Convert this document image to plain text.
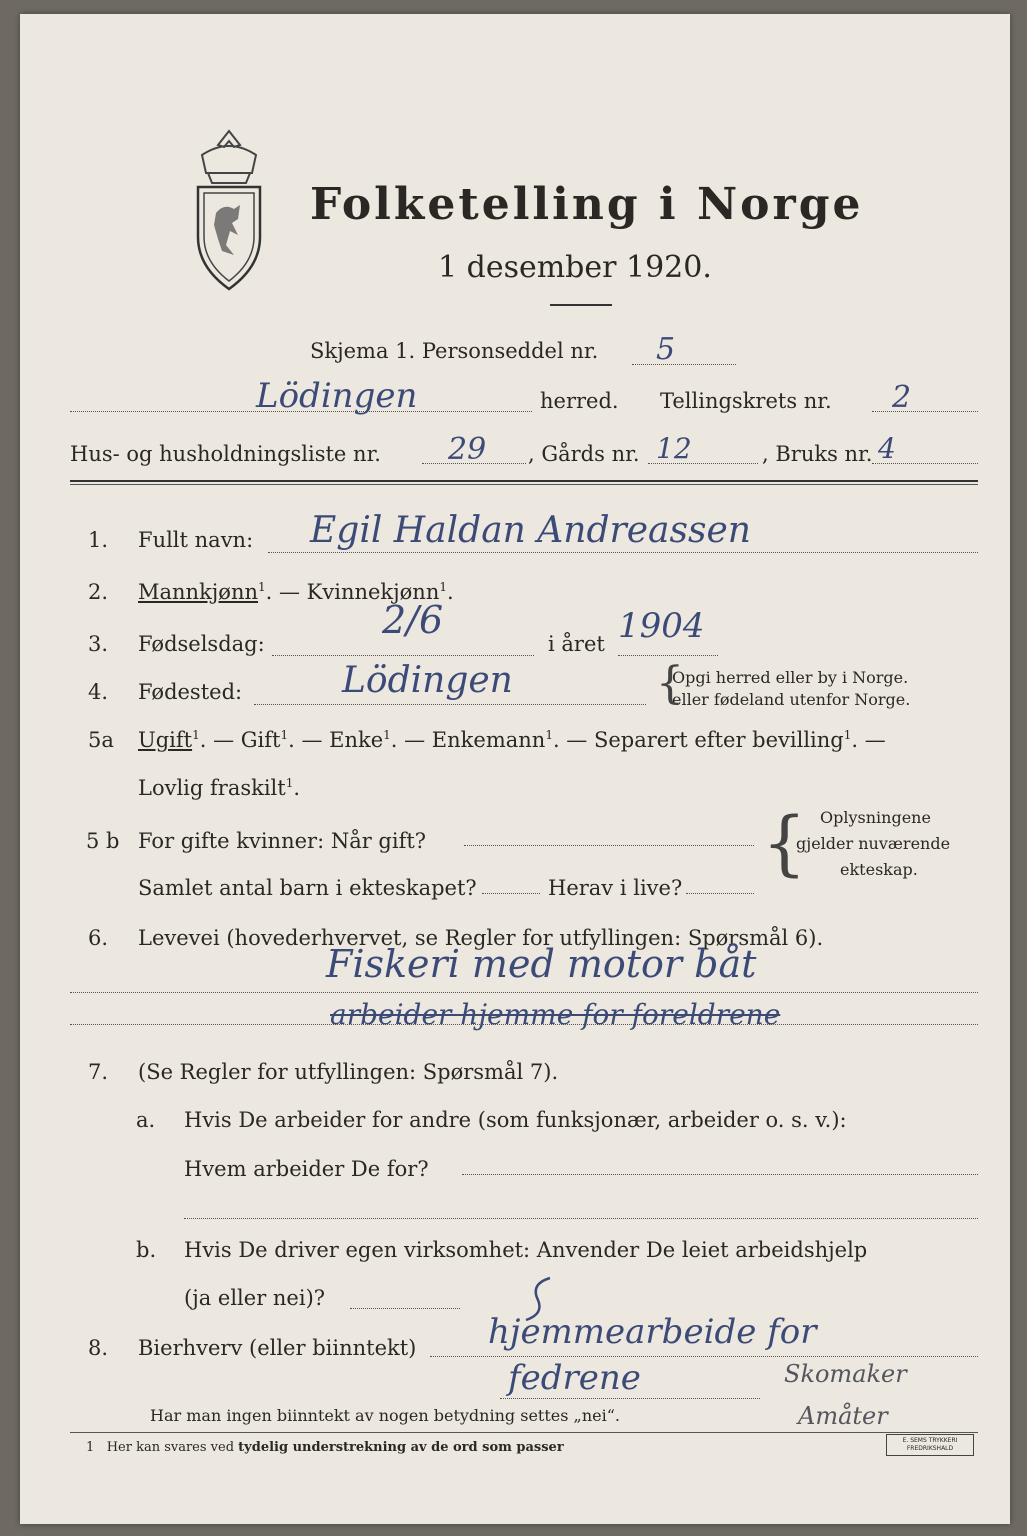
Folketelling i Norge
1 desember 1920.
Skjema 1. Personseddel nr. 5
Lödingen	herred. Tellingskrets nr. 2
Hus- og husholdningsliste nr. 29 , Gårds nr. 12	, Bruks nr. 4
1. Fullt navn: Egil Haldan Andreassen
2. Mannkjønn$^1$. — Kvinnekjønn$^1$.
3. Fødselsdag:
2/6
i året 1904
4. Fødested:	Lödingen	Opgi herred eller by i Norge.
eller fødeland utenfor Norge.
{
5a Ugift$^1$. — Gift$^1$. — Enke$^1$. — Enkemann$^1$. — Separert efter bevilling$^1$. —
Lovlig fraskilt$^1$.
5 b For gifte kvinner: Når gift?
Samlet antal barn i ekteskapet?	Herav i live?
{ Oplysningene
gjelder nuværende
ekteskap.
6. Levevei (hovederhvervet, se Regler for utfyllingen: Spørsmål 6).
Fiskeri med motor båt
arbeider hjemme for foreldrene
7. (Se Regler for utfyllingen: Spørsmål 7).
a. Hvis De arbeider for andre (som funksjonær, arbeider o. s. v.):
Hvem arbeider De for?
b. Hvis De driver egen virksomhet: Anvender De leiet arbeidshjelp
(ja eller nei)?
8. Bierhverv (eller biinntekt) hjemmearbeide for
fedrene	Skomaker
Amåter
Har man ingen biinntekt av nogen betydning settes „nei“.
1 Her kan svares ved tydelig understrekning av de ord som passer	E. SEMS TRYKKERI
FREDRIKSHALD
